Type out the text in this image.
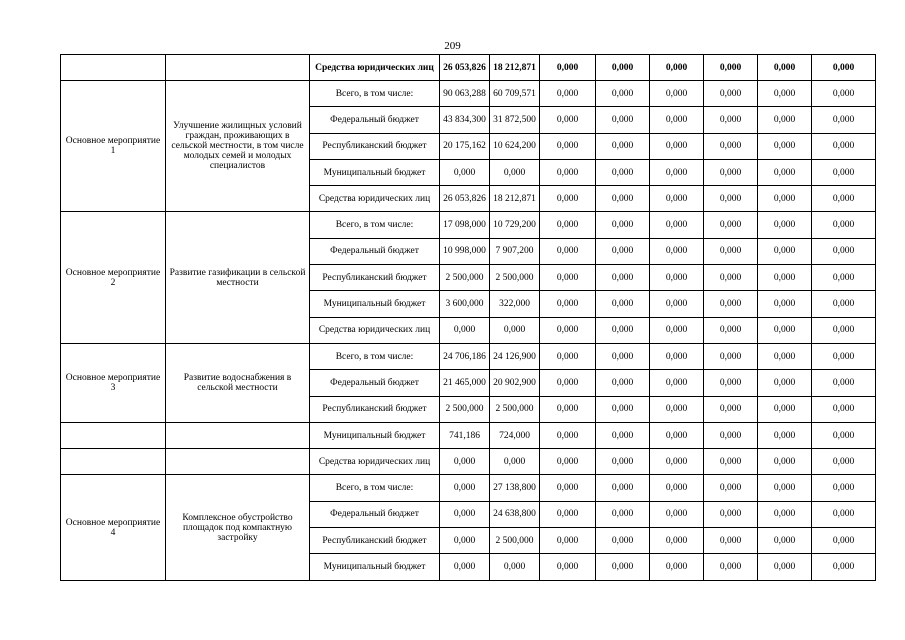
209
		Средства юридических лиц	26 053,826	18 212,871	0,000	0,000	0,000	0,000	0,000	0,000
Основное мероприятие 1	Улучшение жилищных условий граждан, проживающих в сельской местности, в том числе молодых семей и молодых специалистов	Всего, в том числе:	90 063,288	60 709,571	0,000	0,000	0,000	0,000	0,000	0,000
		Федеральный бюджет	43 834,300	31 872,500	0,000	0,000	0,000	0,000	0,000	0,000
		Республиканский бюджет	20 175,162	10 624,200	0,000	0,000	0,000	0,000	0,000	0,000
		Муниципальный бюджет	0,000	0,000	0,000	0,000	0,000	0,000	0,000	0,000
		Средства юридических лиц	26 053,826	18 212,871	0,000	0,000	0,000	0,000	0,000	0,000
Основное мероприятие 2	Развитие газификации в сельской местности	Всего, в том числе:	17 098,000	10 729,200	0,000	0,000	0,000	0,000	0,000	0,000
		Федеральный бюджет	10 998,000	7 907,200	0,000	0,000	0,000	0,000	0,000	0,000
		Республиканский бюджет	2 500,000	2 500,000	0,000	0,000	0,000	0,000	0,000	0,000
		Муниципальный бюджет	3 600,000	322,000	0,000	0,000	0,000	0,000	0,000	0,000
		Средства юридических лиц	0,000	0,000	0,000	0,000	0,000	0,000	0,000	0,000
Основное мероприятие 3	Развитие водоснабжения в сельской местности	Всего, в том числе:	24 706,186	24 126,900	0,000	0,000	0,000	0,000	0,000	0,000
		Федеральный бюджет	21 465,000	20 902,900	0,000	0,000	0,000	0,000	0,000	0,000
		Республиканский бюджет	2 500,000	2 500,000	0,000	0,000	0,000	0,000	0,000	0,000
		Муниципальный бюджет	741,186	724,000	0,000	0,000	0,000	0,000	0,000	0,000
		Средства юридических лиц	0,000	0,000	0,000	0,000	0,000	0,000	0,000	0,000
Основное мероприятие 4	Комплексное обустройство площадок под компактную застройку	Всего, в том числе:	0,000	27 138,800	0,000	0,000	0,000	0,000	0,000	0,000
		Федеральный бюджет	0,000	24 638,800	0,000	0,000	0,000	0,000	0,000	0,000
		Республиканский бюджет	0,000	2 500,000	0,000	0,000	0,000	0,000	0,000	0,000
		Муниципальный бюджет	0,000	0,000	0,000	0,000	0,000	0,000	0,000	0,000
